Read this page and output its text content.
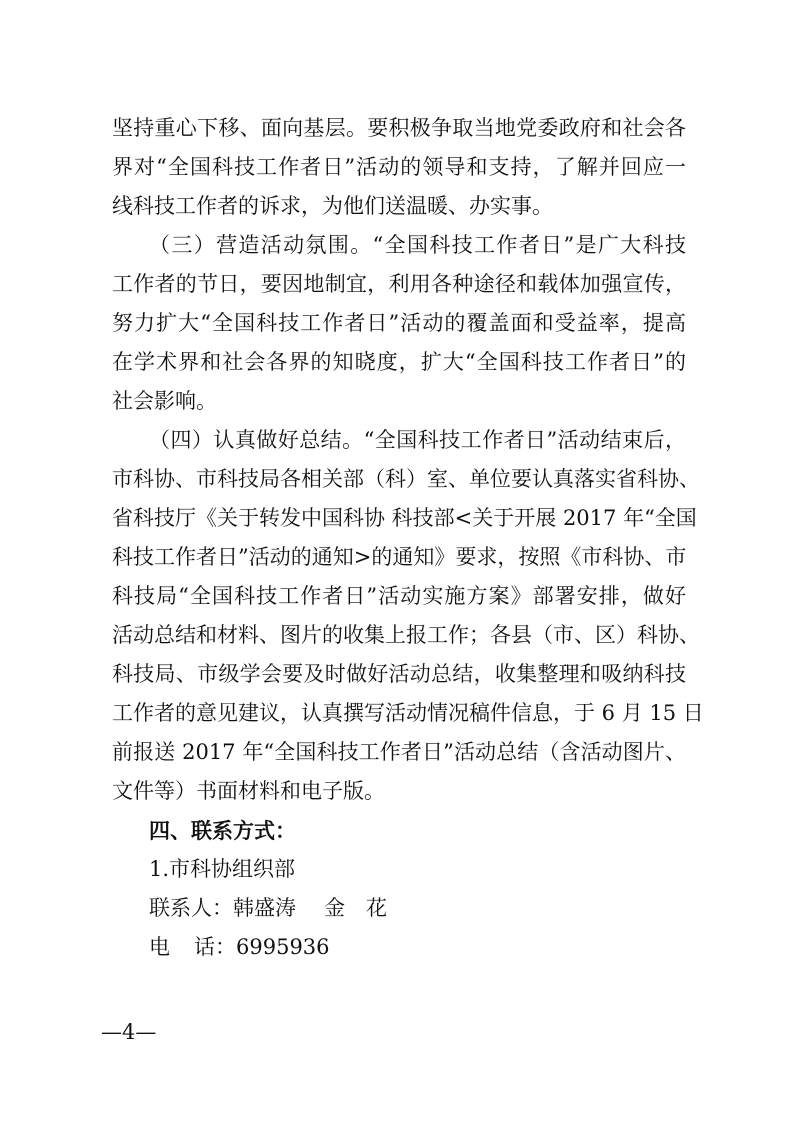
坚持重心下移、面向基层。要积极争取当地党委政府和社会各
界对“全国科技工作者日”活动的领导和支持，了解并回应一
线科技工作者的诉求，为他们送温暖、办实事。
（三）营造活动氛围。“全国科技工作者日”是广大科技
工作者的节日，要因地制宜，利用各种途径和载体加强宣传，
努力扩大“全国科技工作者日”活动的覆盖面和受益率，提高
在学术界和社会各界的知晓度，扩大“全国科技工作者日”的
社会影响。
（四）认真做好总结。“全国科技工作者日”活动结束后，
市科协、市科技局各相关部（科）室、单位要认真落实省科协、
省科技厅《关于转发中国科协 科技部<关于开展 2017 年“全国
科技工作者日”活动的通知>的通知》要求，按照《市科协、市
科技局“全国科技工作者日”活动实施方案》部署安排，做好
活动总结和材料、图片的收集上报工作；各县（市、区）科协、
科技局、市级学会要及时做好活动总结，收集整理和吸纳科技
工作者的意见建议，认真撰写活动情况稿件信息，于 6 月 15 日
前报送 2017 年“全国科技工作者日”活动总结（含活动图片、
文件等）书面材料和电子版。
四、联系方式：
1.市科协组织部
联系人：韩盛涛 金　花
电 话：6995936
—4—
